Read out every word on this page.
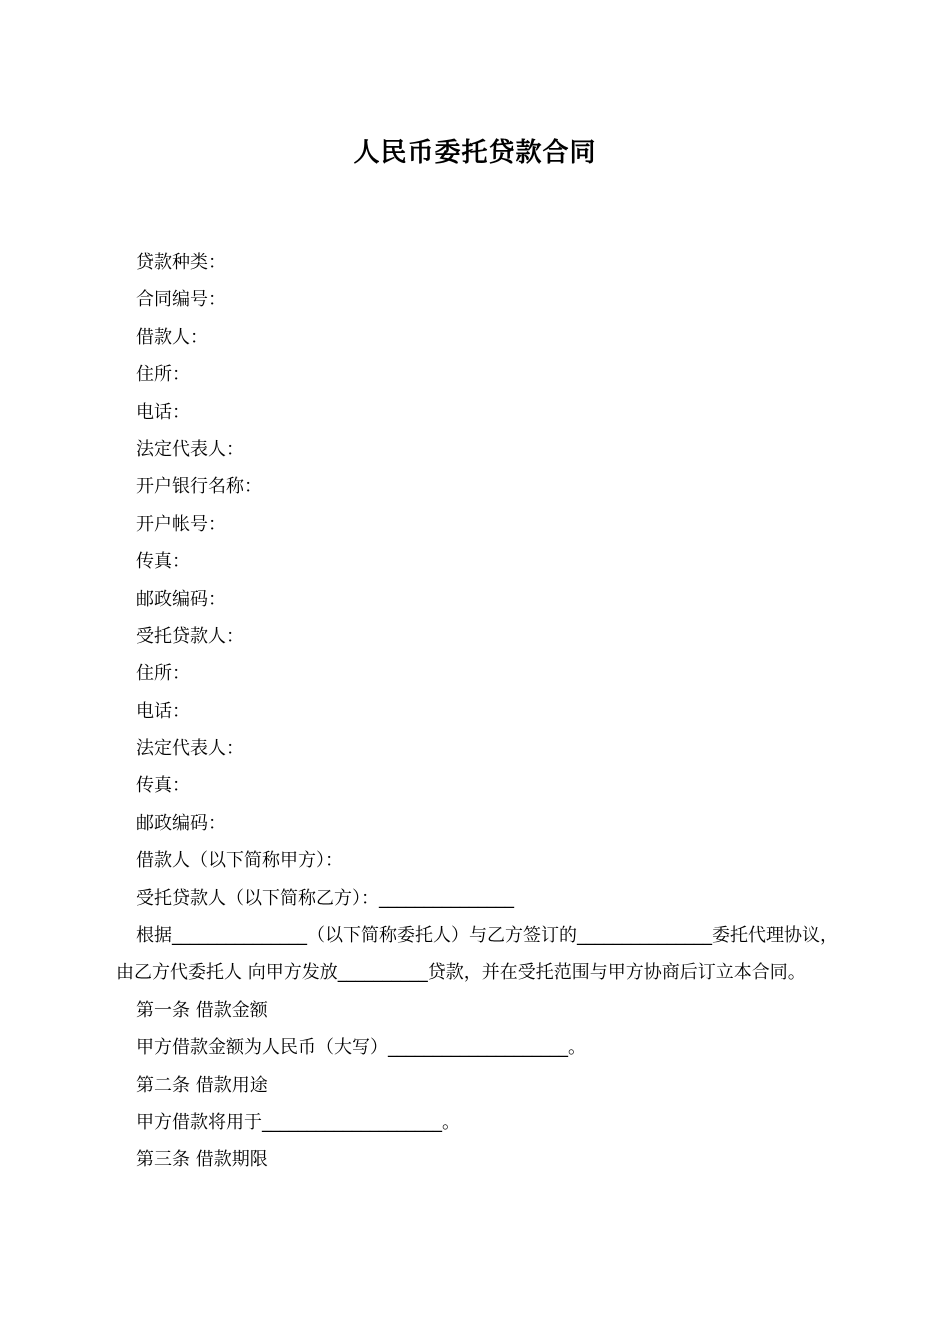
人民币委托贷款合同
贷款种类：
合同编号：
借款人：
住所：
电话：
法定代表人：
开户银行名称：
开户帐号：
传真：
邮政编码：
受托贷款人：
住所：
电话：
法定代表人：
传真：
邮政编码：
借款人（以下简称甲方）：
受托贷款人（以下简称乙方）：_______________
根据_______________（以下简称委托人）与乙方签订的_______________委托代理协议，由乙方代委托人 向甲方发放__________贷款，并在受托范围与甲方协商后订立本合同。
第一条 借款金额
甲方借款金额为人民币（大写）____________________。
第二条 借款用途
甲方借款将用于____________________。
第三条 借款期限
